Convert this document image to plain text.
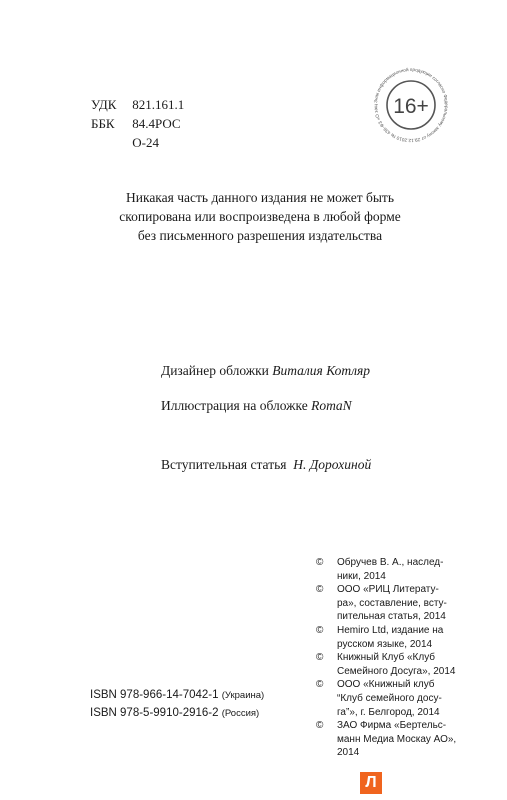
УДК 821.161.1
ББК 84.4РОС
О-24
Знак информационной продукции согласно Федеральному закону от 29.12.2010 № 436-ФЗ «О защ 16+
Никакая часть данного издания не может быть
скопирована или воспроизведена в любой форме
без письменного разрешения издательства
Дизайнер обложки Виталия Котляр
Иллюстрация на обложке RomaN
Вступительная статья Н. Дорохиной
© Обручев В. А., наслед-
ники, 2014
© ООО «РИЦ Литерату-
ра», составление, всту-
пительная статья, 2014
© Hemiro Ltd, издание на
русском языке, 2014
© Книжный Клуб «Клуб
Семейного Досуга», 2014
© ООО «Книжный клуб
“Клуб семейного досу-
га”», г. Белгород, 2014
© ЗАО Фирма «Бертельс-
манн Медиа Москау АО»,
2014
ISBN 978-966-14-7042-1 (Украина)
ISBN 978-5-9910-2916-2 (Россия)
Л
